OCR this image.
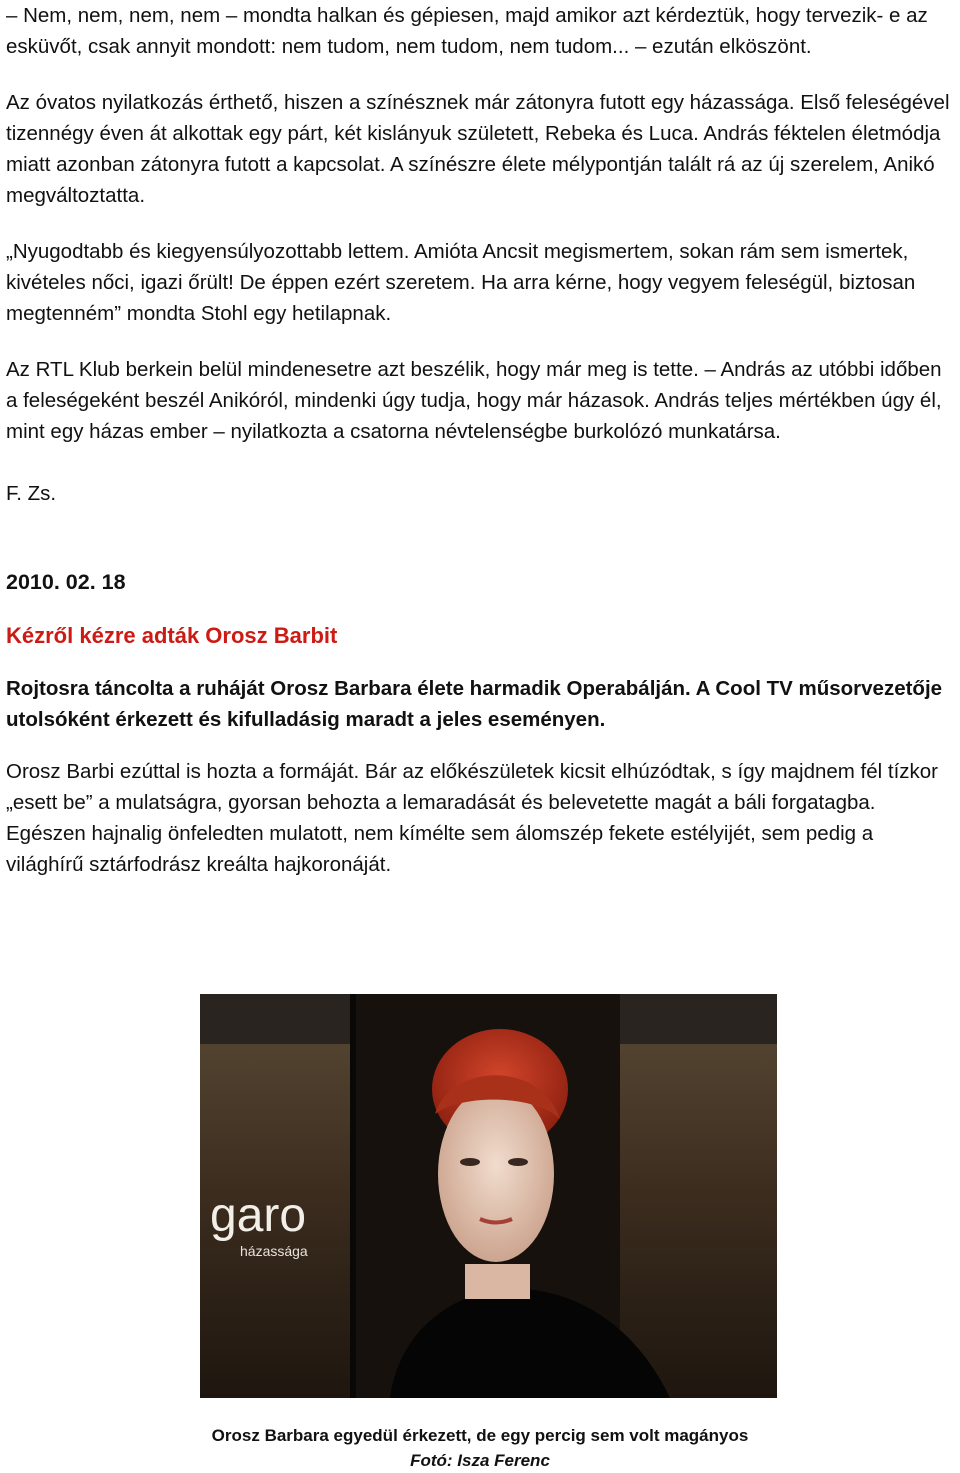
– Nem, nem, nem, nem – mondta halkan és gépiesen, majd amikor azt kérdeztük, hogy tervezik- e az esküvőt, csak annyit mondott: nem tudom, nem tudom, nem tudom... – ezután elköszönt.

Az óvatos nyilatkozás érthető, hiszen a színésznek már zátonyra futott egy házassága. Első feleségével tizennégy éven át alkottak egy párt, két kislányuk született, Rebeka és Luca. András féktelen életmódja miatt azonban zátonyra futott a kapcsolat. A színészre élete mélypontján talált rá az új szerelem, Anikó megváltoztatta.

„Nyugodtabb és kiegyensúlyozottabb lettem. Amióta Ancsit megismertem, sokan rám sem ismertek, kivételes nőci, igazi őrült! De éppen ezért szeretem. Ha arra kérne, hogy vegyem feleségül, biztosan megtenném” mondta Stohl egy hetilapnak.

Az RTL Klub berkein belül mindenesetre azt beszélik, hogy már meg is tette. – András az utóbbi időben a feleségeként beszél Anikóról, mindenki úgy tudja, hogy már házasok. András teljes mértékben úgy él, mint egy házas ember – nyilatkozta a csatorna névtelenségbe burkolózó munkatársa.

F. Zs.

2010. 02. 18
Kézről kézre adták Orosz Barbit

Rojtosra táncolta a ruháját Orosz Barbara élete harmadik Operabálján. A Cool TV műsorvezetője utolsóként érkezett és kifulladásig maradt a jeles eseményen.

Orosz Barbi ezúttal is hozta a formáját. Bár az előkészületek kicsit elhúzódtak, s így majdnem fél tízkor „esett be” a mulatságra, gyorsan behozta a lemaradását és belevetette magát a báli forgatagba. Egészen hajnalig önfeledten mulatott, nem kímélte sem álomszép fekete estélyijét, sem pedig a világhírű sztárfodrász kreálta hajkoronáját.

garo
házassága
Orosz Barbara egyedül érkezett, de egy percig sem volt magányos
Fotó: Isza Ferenc
